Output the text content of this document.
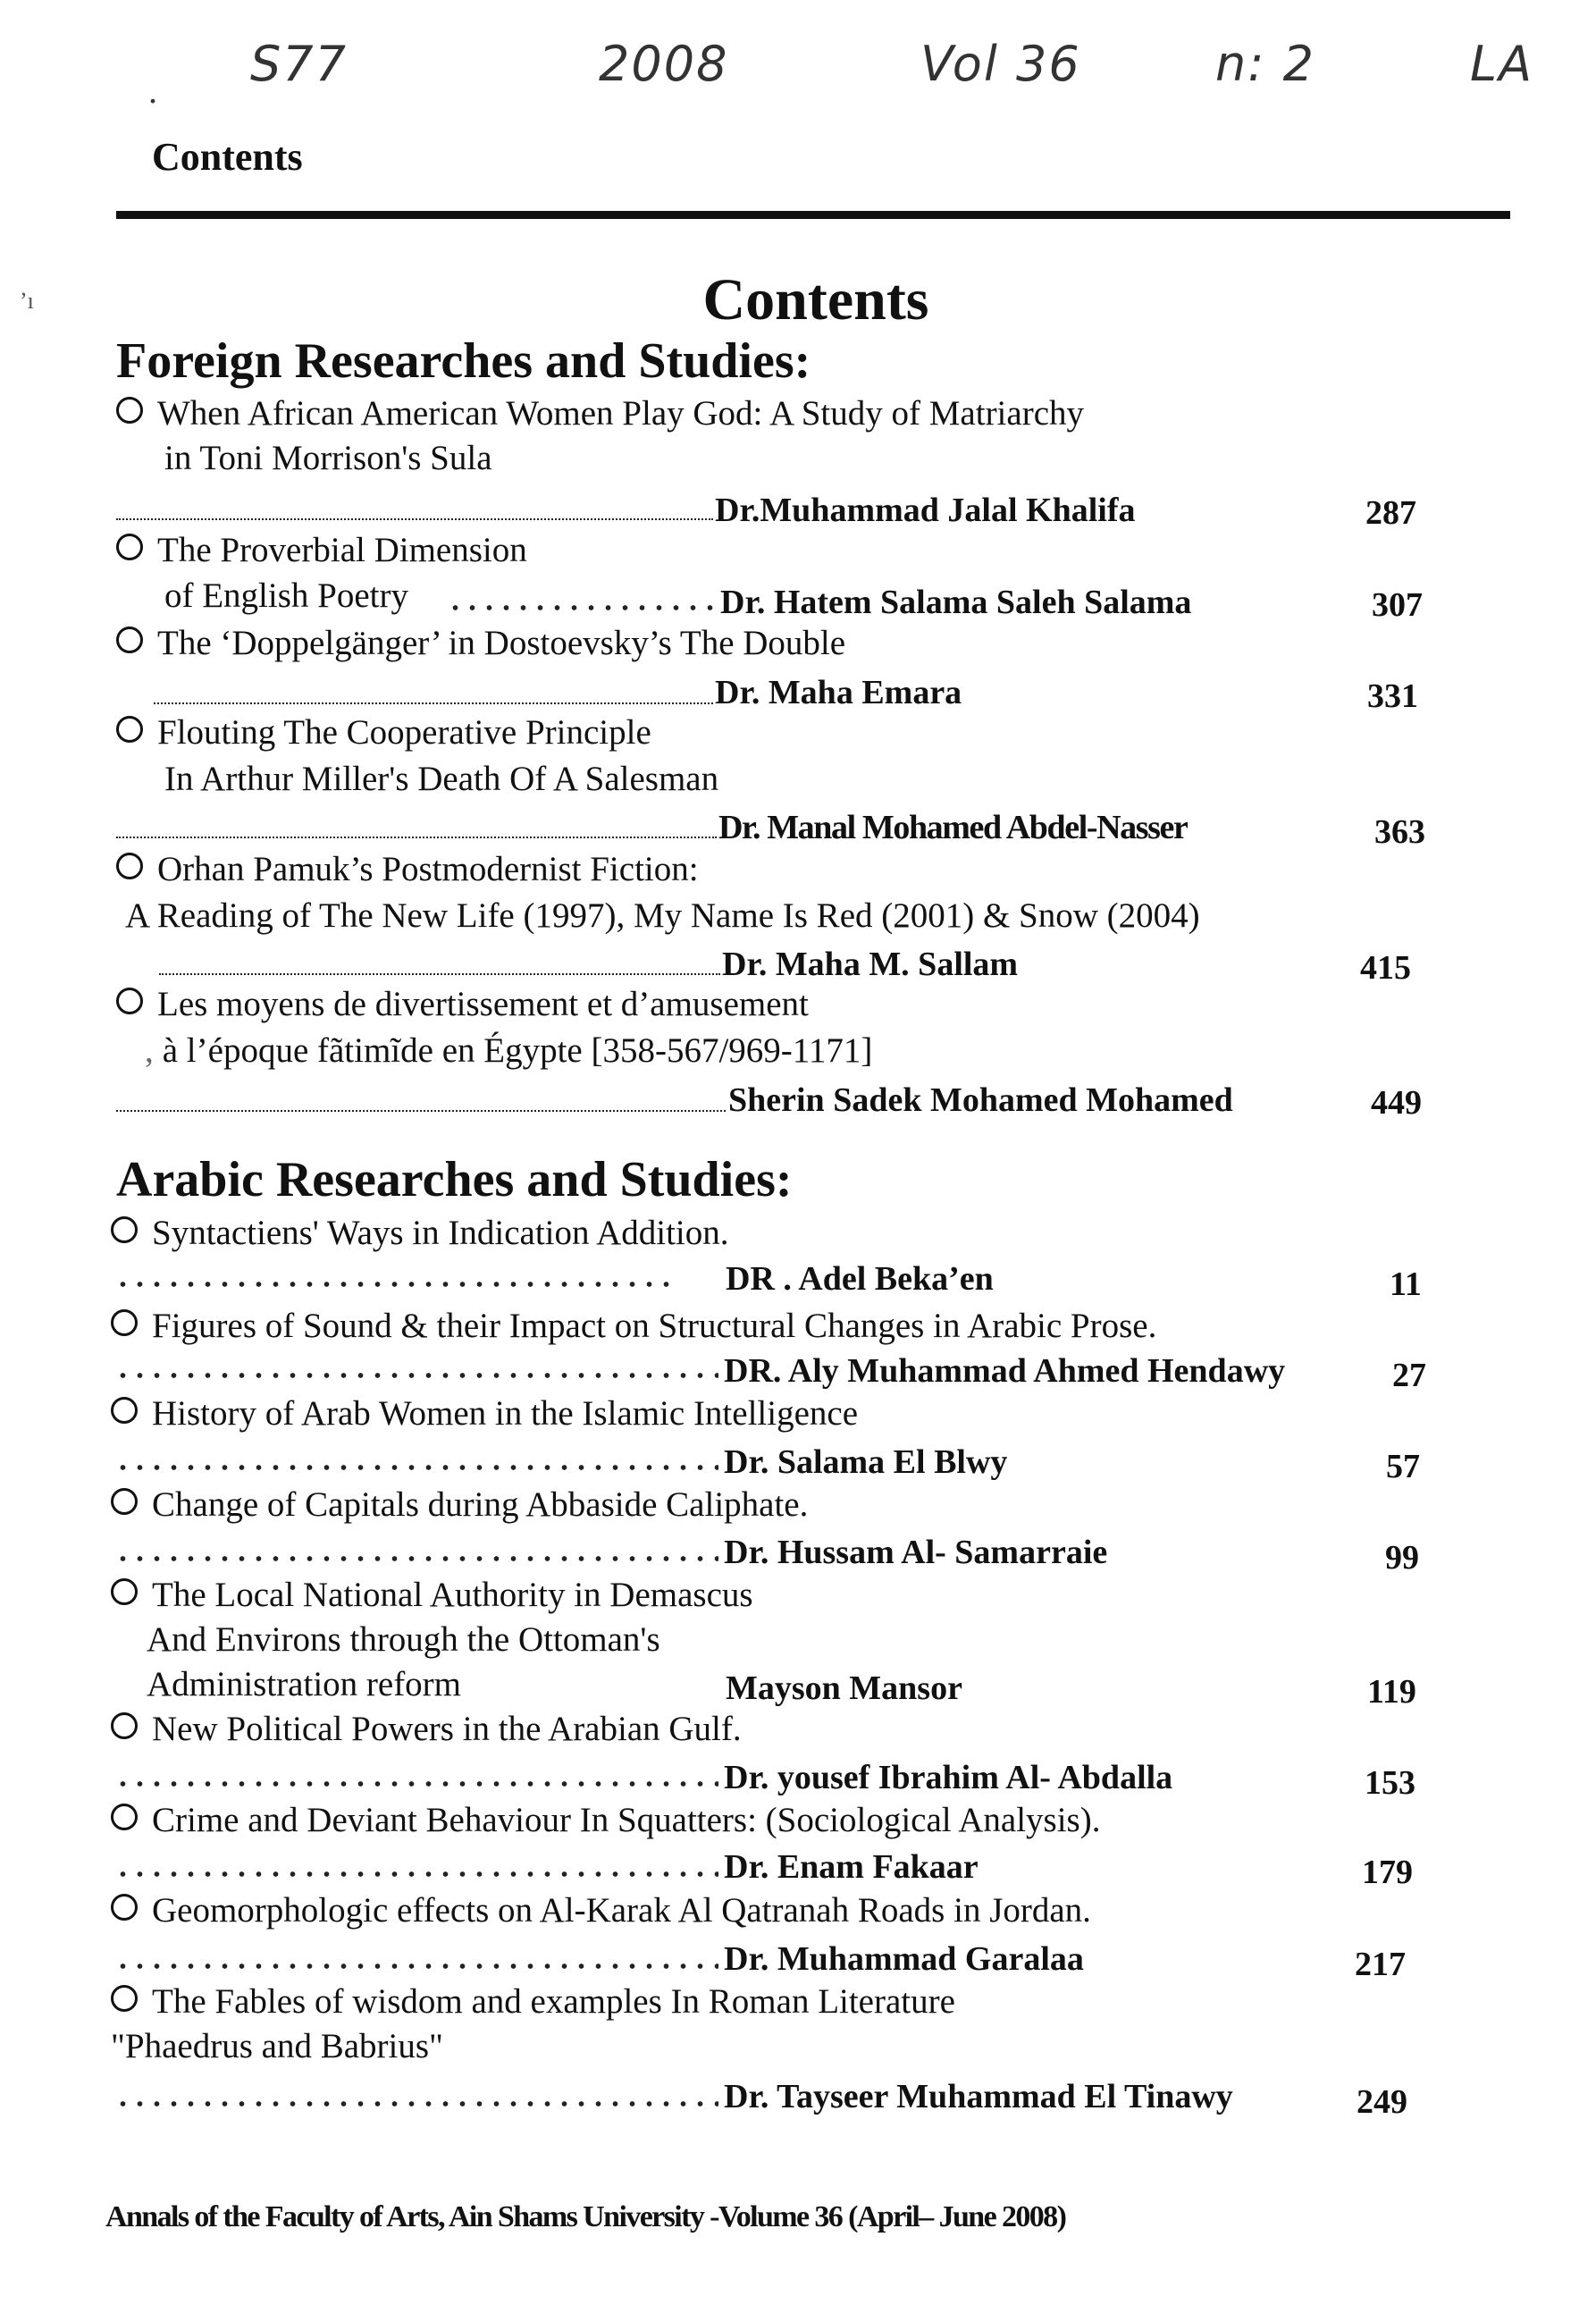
. S77	2008	Vol 36	n: 2	LA
Contents
ʼı	Contents
Foreign Researches and Studies:
Arabic Researches and Studies:
When African American Women Play God: A Study of Matriarchy
in Toni Morrison's Sula
Dr.Muhammad Jalal Khalifa	287
The Proverbial Dimension
of English Poetry	Dr. Hatem Salama Saleh Salama	307
The ‘Doppelgänger’ in Dostoevsky’s The Double
Dr. Maha Emara	331
Flouting The Cooperative Principle
In Arthur Miller's Death Of A Salesman
Dr. Manal Mohamed Abdel-Nasser	363
Orhan Pamuk’s Postmodernist Fiction:
A Reading of The New Life (1997), My Name Is Red (2001) & Snow (2004)
Dr. Maha M. Sallam	415
Les moyens de divertissement et d’amusement
, à l’époque fãtimĩde en Égypte [358-567/969-1171]
Sherin Sadek Mohamed Mohamed	449
Syntactiens' Ways in Indication Addition.
DR . Adel Beka’en	11
Figures of Sound & their Impact on Structural Changes in Arabic Prose.
DR. Aly Muhammad Ahmed Hendawy	27
History of Arab Women in the Islamic Intelligence
Dr. Salama El Blwy	57
Change of Capitals during Abbaside Caliphate.
Dr. Hussam Al- Samarraie	99
The Local National Authority in Demascus
And Environs through the Ottoman's
Administration reform	Mayson Mansor	119
New Political Powers in the Arabian Gulf.
Dr. yousef Ibrahim Al- Abdalla	153
Crime and Deviant Behaviour In Squatters: (Sociological Analysis).
Dr. Enam Fakaar	179
Geomorphologic effects on Al-Karak Al Qatranah Roads in Jordan.
Dr. Muhammad Garalaa	217
The Fables of wisdom and examples In Roman Literature
"Phaedrus and Babrius"
Dr. Tayseer Muhammad El Tinawy	249
Annals of the Faculty of Arts, Ain Shams University -Volume 36 (April– June 2008)
